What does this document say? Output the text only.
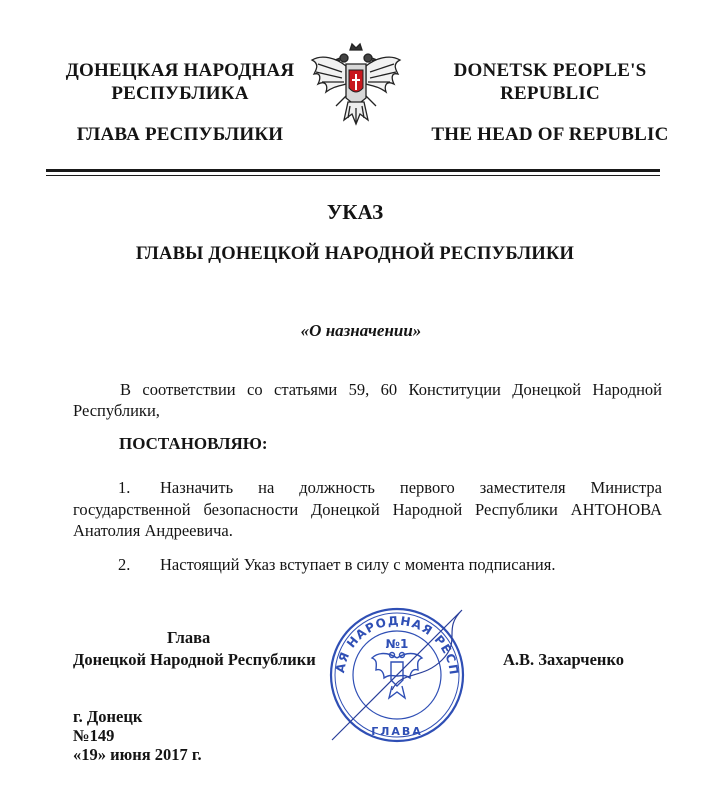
ДОНЕЦКАЯ НАРОДНАЯ
РЕСПУБЛИКА
ГЛАВА РЕСПУБЛИКИ
DONETSK PEOPLE'S
REPUBLIC
THE HEAD OF REPUBLIC
УКАЗ
ГЛАВЫ ДОНЕЦКОЙ НАРОДНОЙ РЕСПУБЛИКИ
«О назначении»
В соответствии со статьями 59, 60 Конституции Донецкой Народной
Республики,
ПОСТАНОВЛЯЮ:
1. Назначить на должность первого заместителя Министра
государственной безопасности Донецкой Народной Республики АНТОНОВА
Анатолия Андреевича.
2. Настоящий Указ вступает в силу с момента подписания.
Глава
Донецкой Народной Республики	А.В. Захарченко
ДОНЕЦКАЯ НАРОДНАЯ РЕСПУБЛИКА
№1
ГЛАВА
г. Донецк
№149
«19» июня 2017 г.
